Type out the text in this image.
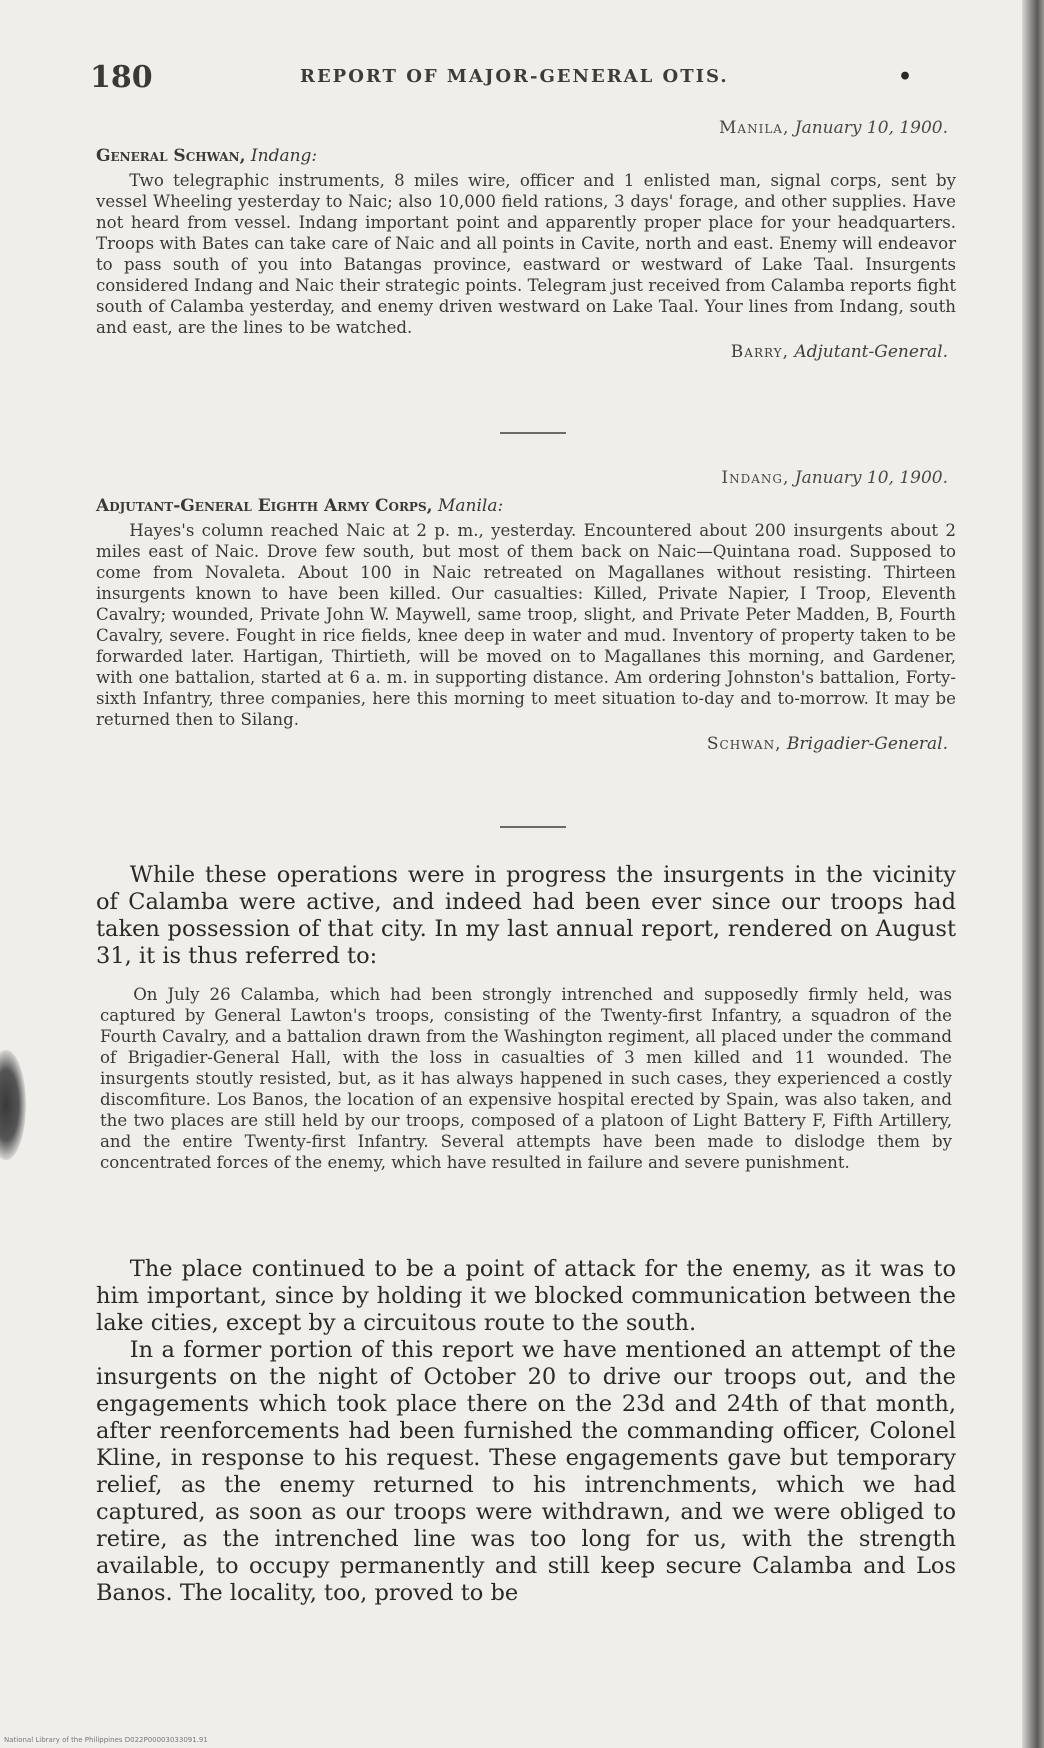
180	REPORT OF MAJOR-GENERAL OTIS.	•
Manila, January 10, 1900.
General Schwan, Indang:

Two telegraphic instruments, 8 miles wire, officer and 1 enlisted man, signal corps, sent by vessel Wheeling yesterday to Naic; also 10,000 field rations, 3 days' forage, and other supplies. Have not heard from vessel. Indang important point and apparently proper place for your headquarters. Troops with Bates can take care of Naic and all points in Cavite, north and east. Enemy will endeavor to pass south of you into Batangas province, eastward or westward of Lake Taal. Insurgents considered Indang and Naic their strategic points. Telegram just received from Calamba reports fight south of Calamba yesterday, and enemy driven westward on Lake Taal. Your lines from Indang, south and east, are the lines to be watched.

Barry, Adjutant-General.
Indang, January 10, 1900.
Adjutant-General Eighth Army Corps, Manila:

Hayes's column reached Naic at 2 p. m., yesterday. Encountered about 200 insurgents about 2 miles east of Naic. Drove few south, but most of them back on Naic—Quintana road. Supposed to come from Novaleta. About 100 in Naic retreated on Magallanes without resisting. Thirteen insurgents known to have been killed. Our casualties: Killed, Private Napier, I Troop, Eleventh Cavalry; wounded, Private John W. Maywell, same troop, slight, and Private Peter Madden, B, Fourth Cavalry, severe. Fought in rice fields, knee deep in water and mud. Inventory of property taken to be forwarded later. Hartigan, Thirtieth, will be moved on to Magallanes this morning, and Gardener, with one battalion, started at 6 a. m. in supporting distance. Am ordering Johnston's battalion, Forty-sixth Infantry, three companies, here this morning to meet situation to-day and to-morrow. It may be returned then to Silang.

Schwan, Brigadier-General.

While these operations were in progress the insurgents in the vicinity of Calamba were active, and indeed had been ever since our troops had taken possession of that city. In my last annual report, rendered on August 31, it is thus referred to:

On July 26 Calamba, which had been strongly intrenched and supposedly firmly held, was captured by General Lawton's troops, consisting of the Twenty-first Infantry, a squadron of the Fourth Cavalry, and a battalion drawn from the Washington regiment, all placed under the command of Brigadier-General Hall, with the loss in casualties of 3 men killed and 11 wounded. The insurgents stoutly resisted, but, as it has always happened in such cases, they experienced a costly discomfiture. Los Banos, the location of an expensive hospital erected by Spain, was also taken, and the two places are still held by our troops, composed of a platoon of Light Battery F, Fifth Artillery, and the entire Twenty-first Infantry. Several attempts have been made to dislodge them by concentrated forces of the enemy, which have resulted in failure and severe punishment.

The place continued to be a point of attack for the enemy, as it was to him important, since by holding it we blocked communication between the lake cities, except by a circuitous route to the south.

In a former portion of this report we have mentioned an attempt of the insurgents on the night of October 20 to drive our troops out, and the engagements which took place there on the 23d and 24th of that month, after reenforcements had been furnished the commanding officer, Colonel Kline, in response to his request. These engagements gave but temporary relief, as the enemy returned to his intrenchments, which we had captured, as soon as our troops were withdrawn, and we were obliged to retire, as the intrenched line was too long for us, with the strength available, to occupy permanently and still keep secure Calamba and Los Banos. The locality, too, proved to be

National Library of the Philippines D022P00003033091.91
